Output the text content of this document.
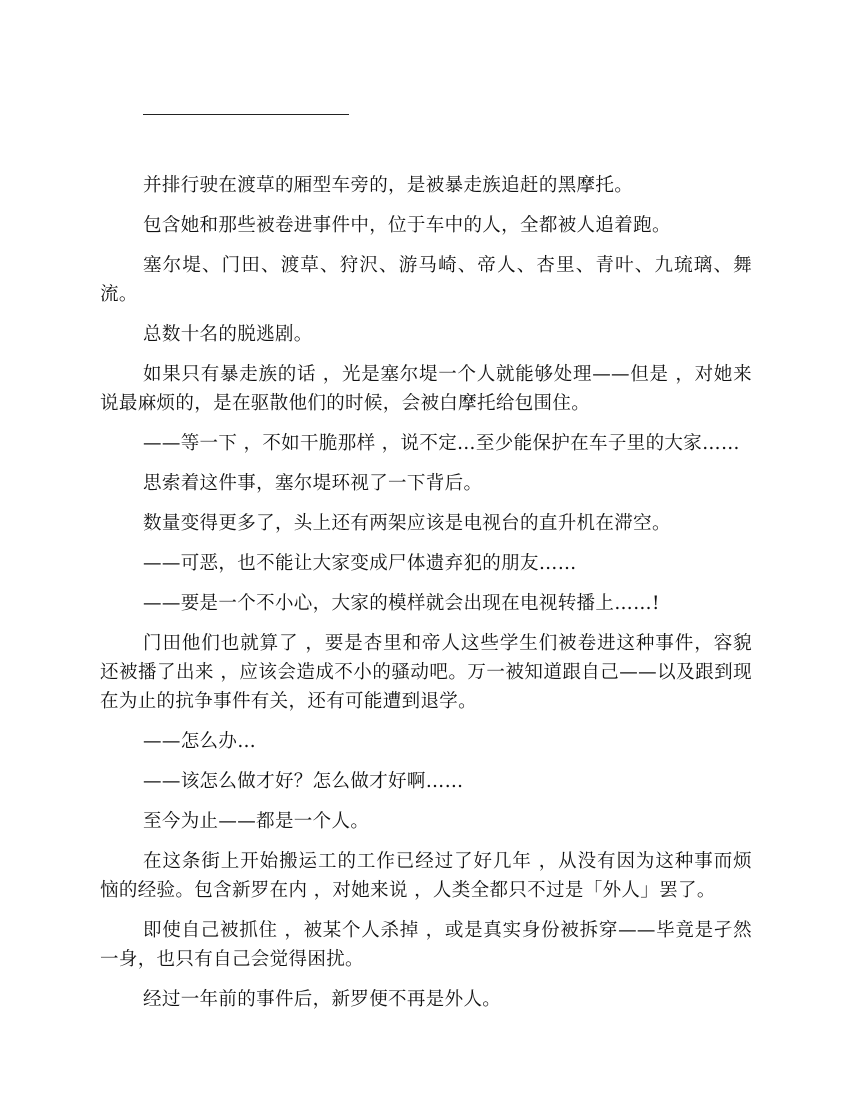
并排行驶在渡草的厢型车旁的，是被暴走族追赶的黑摩托。

包含她和那些被卷进事件中，位于车中的人，全都被人追着跑。

塞尔堤、门田、渡草、狩沢、游马崎、帝人、杏里、青叶、九琉璃、舞流。

总数十名的脱逃剧。

如果只有暴走族的话 ，光是塞尔堤一个人就能够处理——但是 ，对她来说最麻烦的，是在驱散他们的时候，会被白摩托给包围住。

——等一下 ，不如干脆那样 ，说不定…至少能保护在车子里的大家……

思索着这件事，塞尔堤环视了一下背后。

数量变得更多了，头上还有两架应该是电视台的直升机在滞空。

——可恶，也不能让大家变成尸体遗弃犯的朋友……

——要是一个不小心，大家的模样就会出现在电视转播上……!

门田他们也就算了 ，要是杏里和帝人这些学生们被卷进这种事件，容貌还被播了出来 ，应该会造成不小的骚动吧。万一被知道跟自己——以及跟到现在为止的抗争事件有关，还有可能遭到退学。

——怎么办…

——该怎么做才好？怎么做才好啊……

至今为止——都是一个人。

在这条街上开始搬运工的工作已经过了好几年 ，从没有因为这种事而烦恼的经验。包含新罗在内 ，对她来说 ，人类全都只不过是「外人」罢了。

即使自己被抓住 ，被某个人杀掉 ，或是真实身份被拆穿——毕竟是孑然一身，也只有自己会觉得困扰。

经过一年前的事件后，新罗便不再是外人。
